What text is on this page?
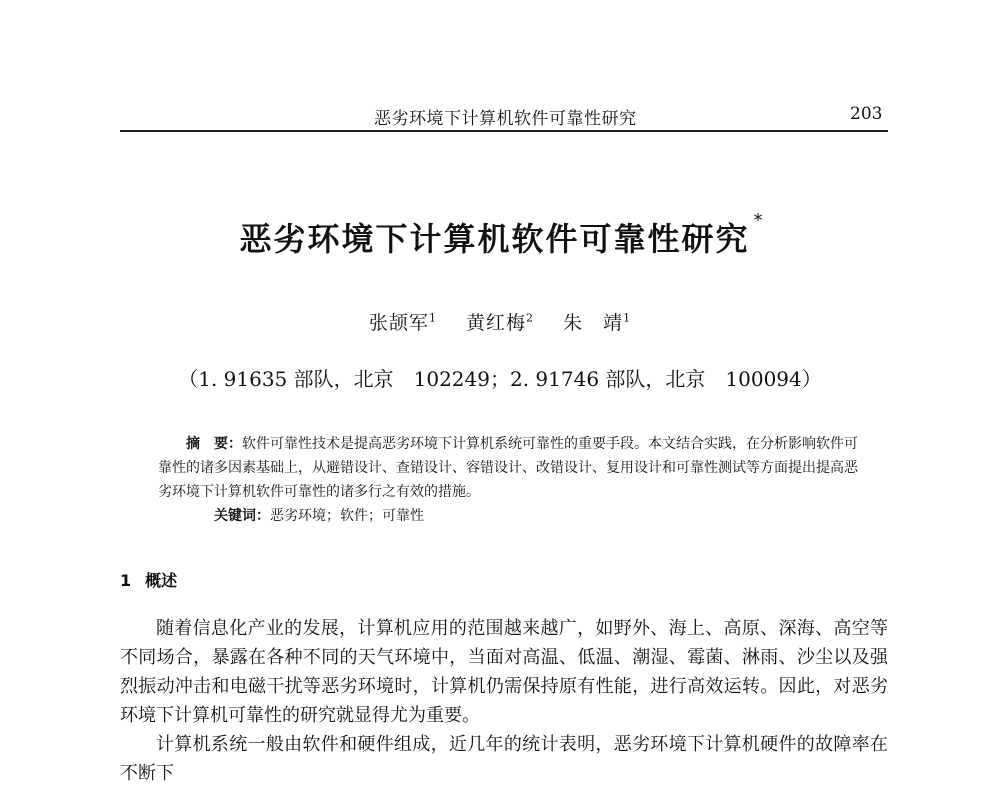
恶劣环境下计算机软件可靠性研究	203
恶劣环境下计算机软件可靠性研究 *
张颉军$^1$ 黄红梅$^2$ 朱　靖$^1$
（1. 91635 部队，北京　102249；2. 91746 部队，北京　100094）

摘　要：软件可靠性技术是提高恶劣环境下计算机系统可靠性的重要手段。本文结合实践，在分析影响软件可靠性的诸多因素基础上，从避错设计、查错设计、容错设计、改错设计、复用设计和可靠性测试等方面提出提高恶劣环境下计算机软件可靠性的诸多行之有效的措施。

关键词：恶劣环境；软件；可靠性

1 概述

随着信息化产业的发展，计算机应用的范围越来越广，如野外、海上、高原、深海、高空等不同场合，暴露在各种不同的天气环境中，当面对高温、低温、潮湿、霉菌、淋雨、沙尘以及强烈振动冲击和电磁干扰等恶劣环境时，计算机仍需保持原有性能，进行高效运转。因此，对恶劣环境下计算机可靠性的研究就显得尤为重要。

计算机系统一般由软件和硬件组成，近几年的统计表明，恶劣环境下计算机硬件的故障率在不断下
